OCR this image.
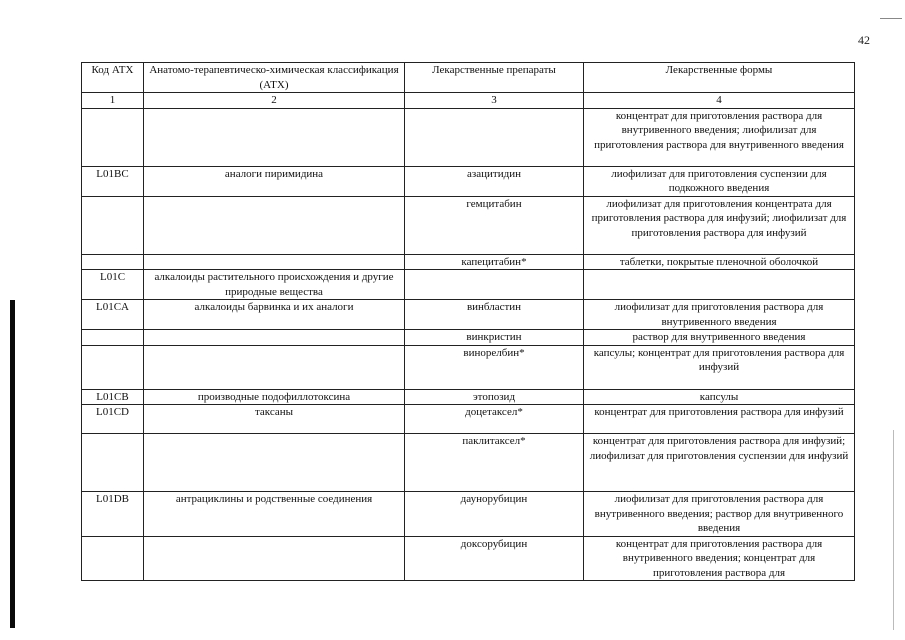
42
Код АТХ	Анатомо-терапевтическо-химическая классификация (АТХ)	Лекарственные препараты	Лекарственные формы
1	2	3	4
			концентрат для приготовления раствора для внутривенного введения; лиофилизат для приготовления раствора для внутривенного введения
L01BC	аналоги пиримидина	азацитидин	лиофилизат для приготовления суспензии для подкожного введения
		гемцитабин	лиофилизат для приготовления концентрата для приготовления раствора для инфузий; лиофилизат для приготовления раствора для инфузий
		капецитабин*	таблетки, покрытые пленочной оболочкой
L01C	алкалоиды растительного происхождения и другие природные вещества		
L01CA	алкалоиды барвинка и их аналоги	винбластин	лиофилизат для приготовления раствора для внутривенного введения
		винкристин	раствор для внутривенного введения
		винорелбин*	капсулы; концентрат для приготовления раствора для инфузий
L01CB	производные подофиллотоксина	этопозид	капсулы
L01CD	таксаны	доцетаксел*	концентрат для приготовления раствора для инфузий
		паклитаксел*	концентрат для приготовления раствора для инфузий; лиофилизат для приготовления суспензии для инфузий
L01DB	антрациклины и родственные соединения	даунорубицин	лиофилизат для приготовления раствора для внутривенного введения; раствор для внутривенного введения
		доксорубицин	концентрат для приготовления раствора для внутривенного введения; концентрат для приготовления раствора для
